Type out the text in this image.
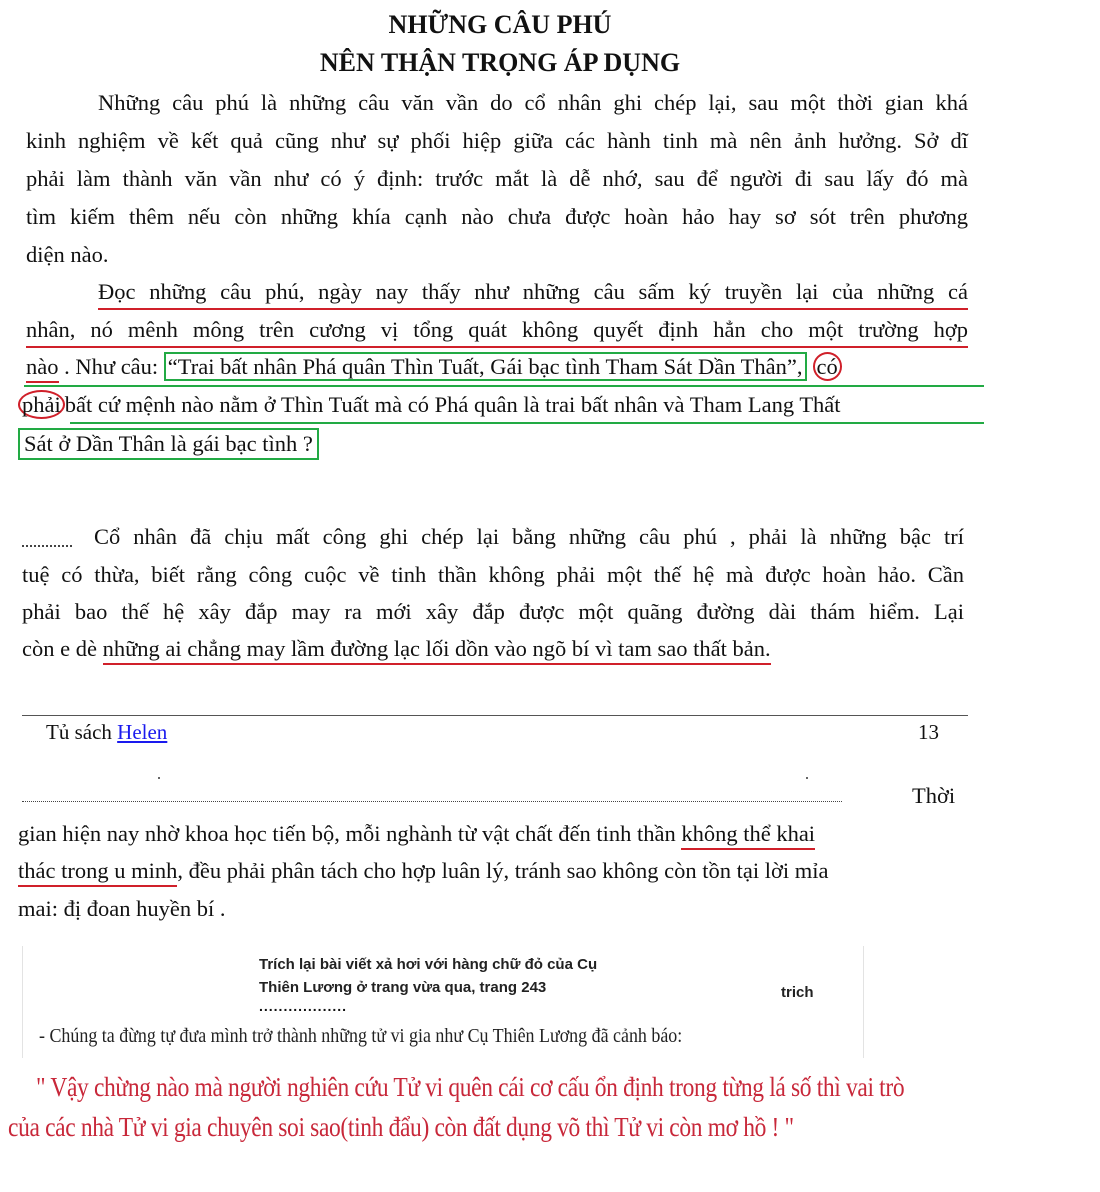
NHỮNG CÂU PHÚ
NÊN THẬN TRỌNG ÁP DỤNG
Những câu phú là những câu văn vần do cổ nhân ghi chép lại, sau một thời gian khá
kinh nghiệm về kết quả cũng như sự phối hiệp giữa các hành tinh mà nên ảnh hưởng. Sở dĩ
phải làm thành văn vần như có ý định: trước mắt là dễ nhớ, sau để người đi sau lấy đó mà
tìm kiếm thêm nếu còn những khía cạnh nào chưa được hoàn hảo hay sơ sót trên phương
diện nào.
Đọc những câu phú, ngày nay thấy như những câu sấm ký truyền lại của những cá
nhân, nó mênh mông trên cương vị tổng quát không quyết định hẳn cho một trường hợp
nào . Như câu: “Trai bất nhân Phá quân Thìn Tuất, Gái bạc tình Tham Sát Dần Thân”, có
phải bất cứ mệnh nào nằm ở Thìn Tuất mà có Phá quân là trai bất nhân và Tham Lang Thất
Sát ở Dần Thân là gái bạc tình ?
Cổ nhân đã chịu mất công ghi chép lại bằng những câu phú , phải là những bậc trí
tuệ có thừa, biết rằng công cuộc về tinh thần không phải một thế hệ mà được hoàn hảo. Cần
phải bao thế hệ xây đắp may ra mới xây đắp được một quãng đường dài thám hiểm. Lại
còn e dè những ai chẳng may lầm đường lạc lối dồn vào ngõ bí vì tam sao thất bản.
Tủ sách Helen	13
Thời
gian hiện nay nhờ khoa học tiến bộ, mỗi nghành từ vật chất đến tinh thần không thể khai
thác trong u minh, đều phải phân tách cho hợp luân lý, tránh sao không còn tồn tại lời mỉa
mai: đị đoan huyền bí .
Trích lại bài viết xả hơi với hàng chữ đỏ của Cụ
Thiên Lương ở trang vừa qua, trang 243	trich
..................
- Chúng ta đừng tự đưa mình trở thành những tử vi gia như Cụ Thiên Lương đã cảnh báo:
" Vậy chừng nào mà người nghiên cứu Tử vi quên cái cơ cấu ổn định trong từng lá số thì vai trò
của các nhà Tử vi gia chuyên soi sao(tinh đẩu) còn đất dụng võ thì Tử vi còn mơ hồ ! "
